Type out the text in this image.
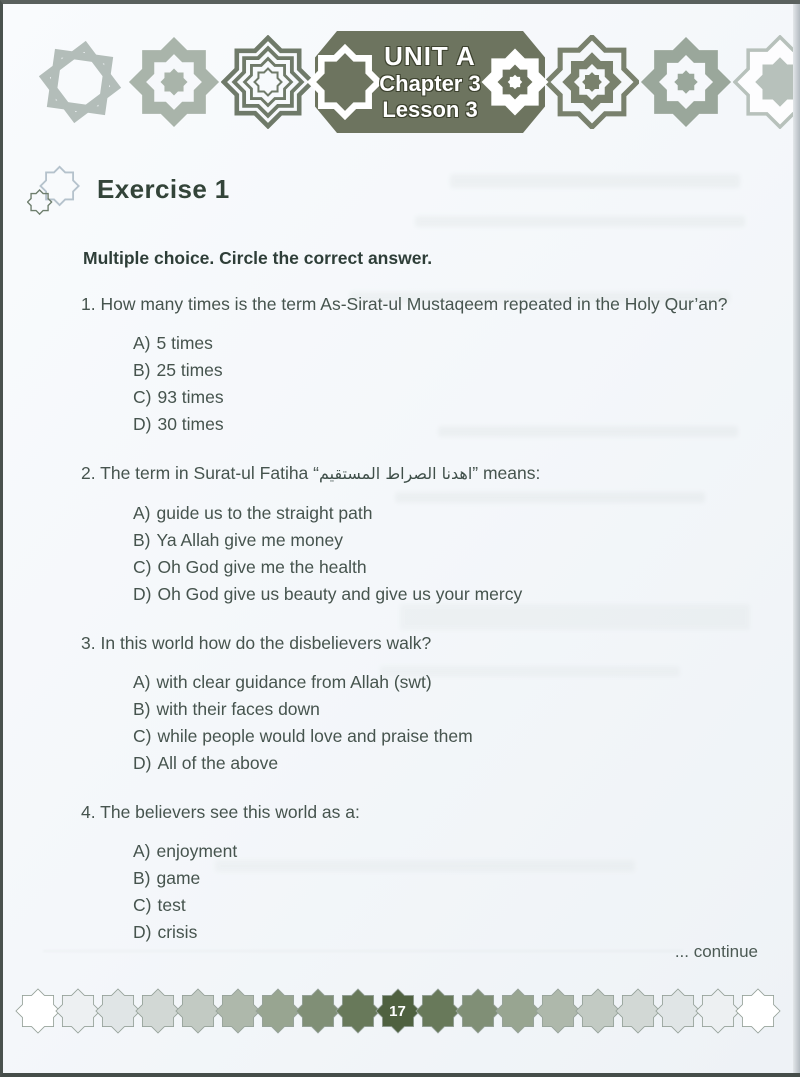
UNIT A
Chapter 3
Lesson 3
Exercise 1
Multiple choice. Circle the correct answer.
1. How many times is the term As-Sirat-ul Mustaqeem repeated in the Holy Qur’an?
A) 5 times
B) 25 times
C) 93 times
D) 30 times
2. The term in Surat-ul Fatiha “اهدنا الصراط المستقيم” means:
A) guide us to the straight path
B) Ya Allah give me money
C) Oh God give me the health
D) Oh God give us beauty and give us your mercy
3. In this world how do the disbelievers walk?
A) with clear guidance from Allah (swt)
B) with their faces down
C) while people would love and praise them
D) All of the above
4. The believers see this world as a:
A) enjoyment
B) game
C) test
D) crisis
... continue
17
